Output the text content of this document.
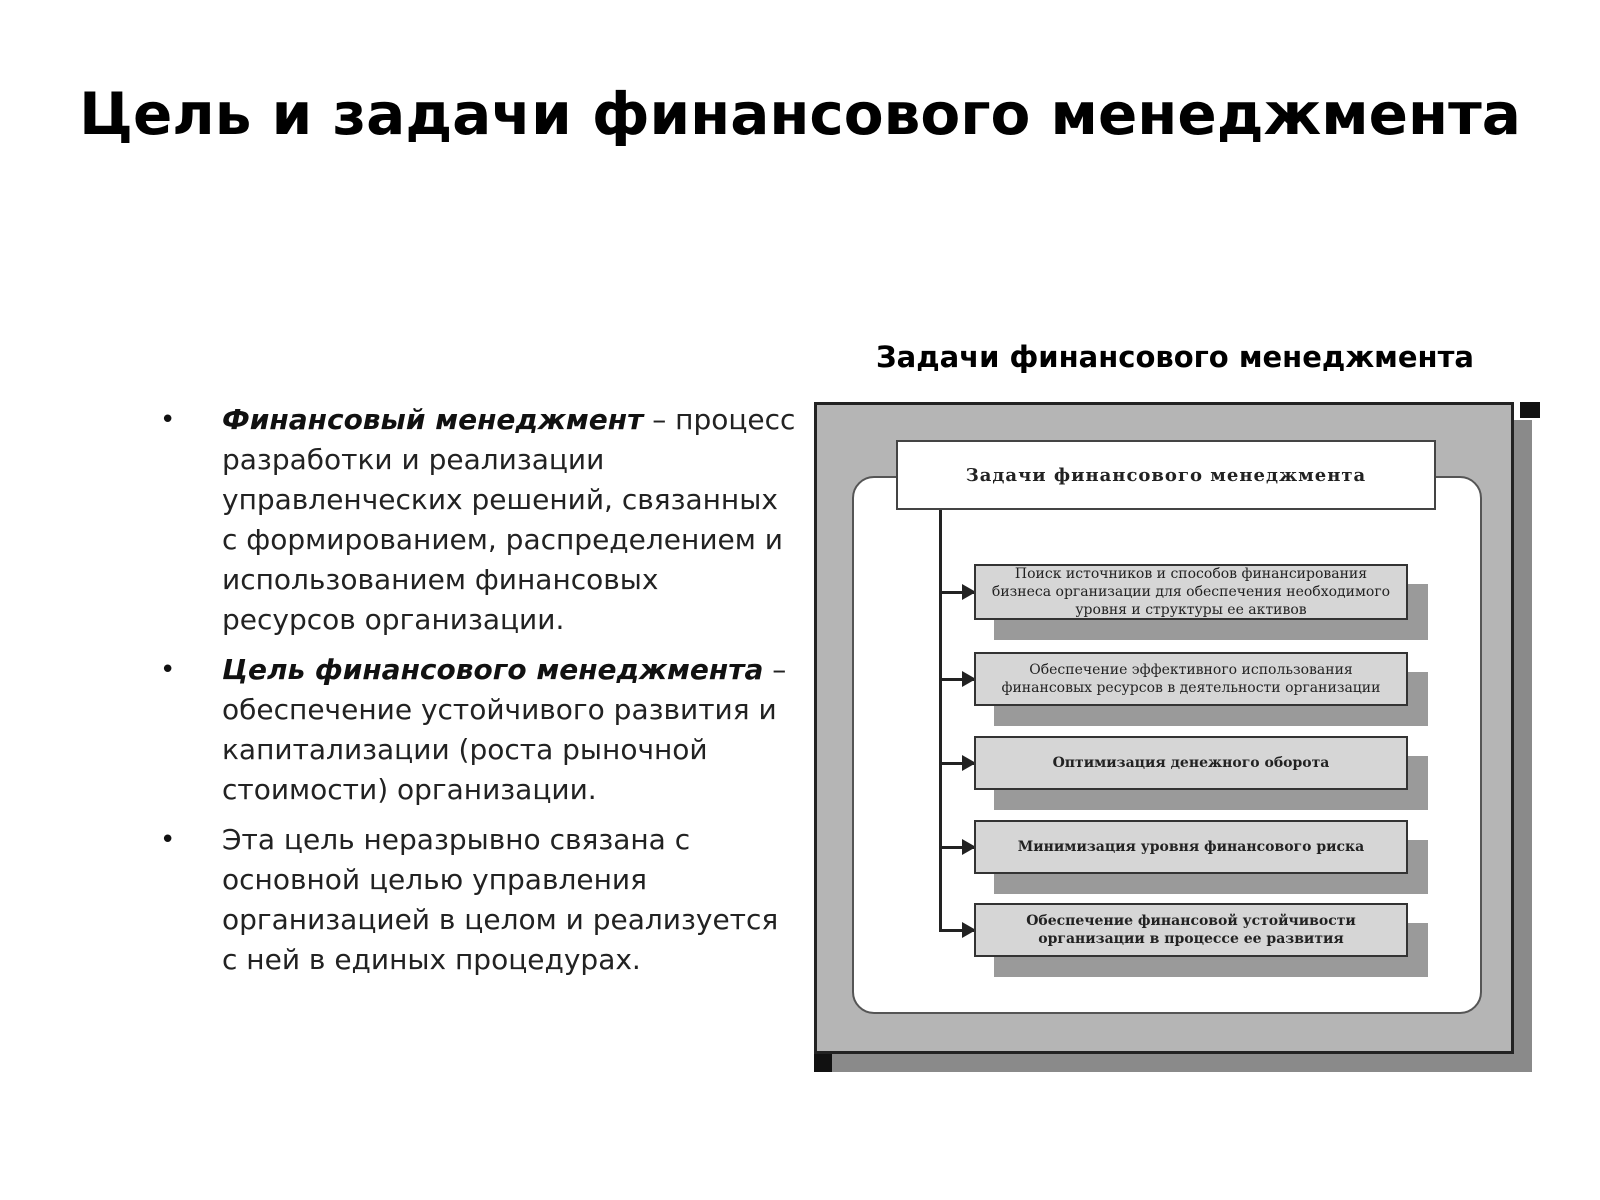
Цель и задачи финансового менеджмента
• Финансовый менеджмент – процесс разработки и реализации управленческих решений, связанных с формированием, распределением и использованием финансовых ресурсов организации.
• Цель финансового менеджмента – обеспечение устойчивого развития и капитализации (роста рыночной стоимости) организации.
• Эта цель неразрывно связана с основной целью управления организацией в целом и реализуется с ней в единых процедурах.
Задачи финансового менеджмента
Задачи финансового менеджмента
Поиск источников и способов финансирования бизнеса организации для обеспечения необходимого уровня и структуры ее активов
Обеспечение эффективного использования финансовых ресурсов в деятельности организации
Оптимизация денежного оборота
Минимизация уровня финансового риска
Обеспечение финансовой устойчивости организации в процессе ее развития
